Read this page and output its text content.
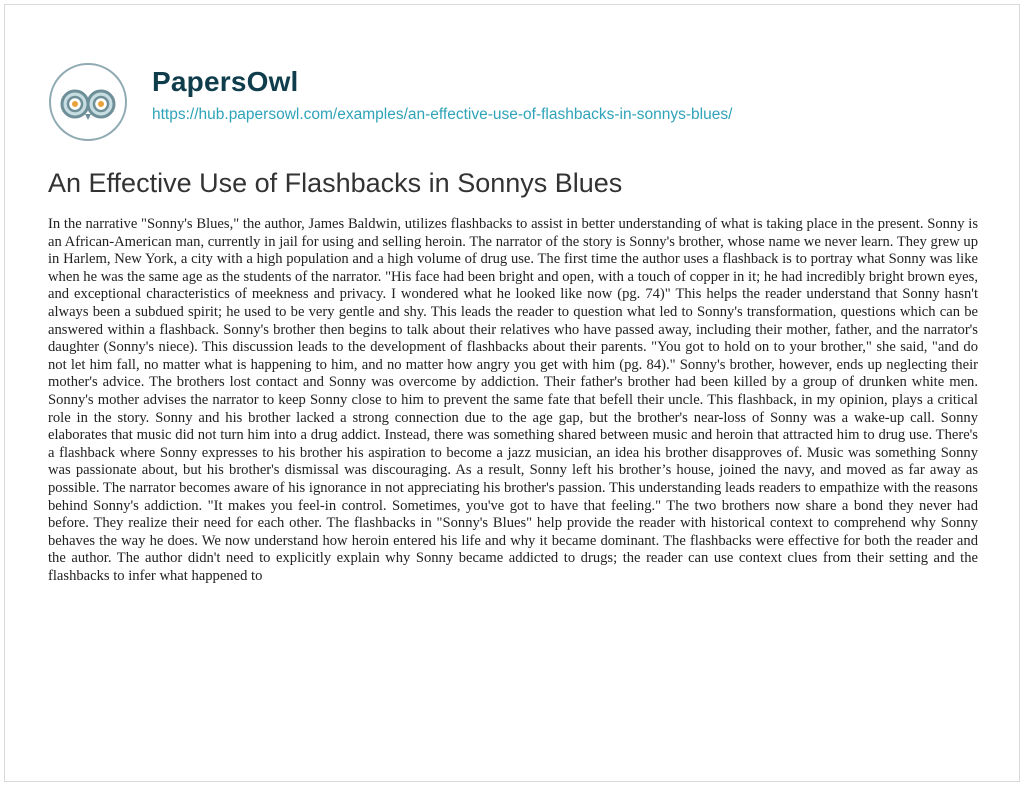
PapersOwl
https://hub.papersowl.com/examples/an-effective-use-of-flashbacks-in-sonnys-blues/
An Effective Use of Flashbacks in Sonnys Blues

In the narrative "Sonny's Blues," the author, James Baldwin, utilizes flashbacks to assist in better understanding of what is taking place in the present. Sonny is an African-American man, currently in jail for using and selling heroin. The narrator of the story is Sonny's brother, whose name we never learn. They grew up in Harlem, New York, a city with a high population and a high volume of drug use. The first time the author uses a flashback is to portray what Sonny was like when he was the same age as the students of the narrator. "His face had been bright and open, with a touch of copper in it; he had incredibly bright brown eyes, and exceptional characteristics of meekness and privacy. I wondered what he looked like now (pg. 74)" This helps the reader understand that Sonny hasn't always been a subdued spirit; he used to be very gentle and shy. This leads the reader to question what led to Sonny's transformation, questions which can be answered within a flashback. Sonny's brother then begins to talk about their relatives who have passed away, including their mother, father, and the narrator's daughter (Sonny's niece). This discussion leads to the development of flashbacks about their parents. "You got to hold on to your brother," she said, "and do not let him fall, no matter what is happening to him, and no matter how angry you get with him (pg. 84)." Sonny's brother, however, ends up neglecting their mother's advice. The brothers lost contact and Sonny was overcome by addiction. Their father's brother had been killed by a group of drunken white men. Sonny's mother advises the narrator to keep Sonny close to him to prevent the same fate that befell their uncle. This flashback, in my opinion, plays a critical role in the story. Sonny and his brother lacked a strong connection due to the age gap, but the brother's near-loss of Sonny was a wake-up call. Sonny elaborates that music did not turn him into a drug addict. Instead, there was something shared between music and heroin that attracted him to drug use. There's a flashback where Sonny expresses to his brother his aspiration to become a jazz musician, an idea his brother disapproves of. Music was something Sonny was passionate about, but his brother's dismissal was discouraging. As a result, Sonny left his brother’s house, joined the navy, and moved as far away as possible. The narrator becomes aware of his ignorance in not appreciating his brother's passion. This understanding leads readers to empathize with the reasons behind Sonny's addiction. "It makes you feel-in control. Sometimes, you've got to have that feeling." The two brothers now share a bond they never had before. They realize their need for each other. The flashbacks in "Sonny's Blues" help provide the reader with historical context to comprehend why Sonny behaves the way he does. We now understand how heroin entered his life and why it became dominant. The flashbacks were effective for both the reader and the author. The author didn't need to explicitly explain why Sonny became addicted to drugs; the reader can use context clues from their setting and the flashbacks to infer what happened to
